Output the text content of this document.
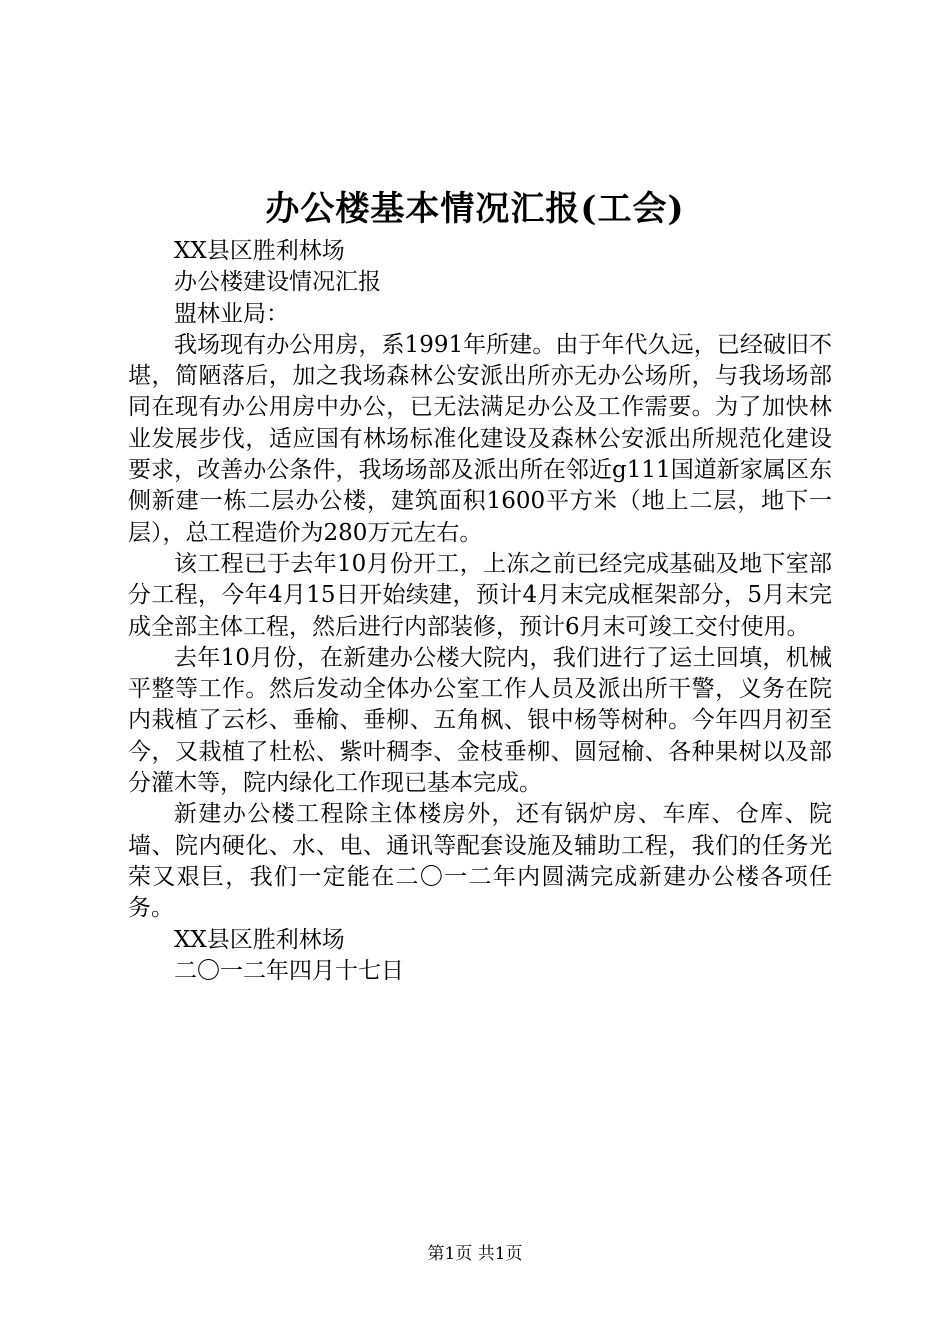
办公楼基本情况汇报(工会)

XX县区胜利林场

办公楼建设情况汇报

盟林业局：

我场现有办公用房，系1991年所建。由于年代久远，已经破旧不堪，简陋落后，加之我场森林公安派出所亦无办公场所，与我场场部同在现有办公用房中办公，已无法满足办公及工作需要。为了加快林业发展步伐，适应国有林场标准化建设及森林公安派出所规范化建设要求，改善办公条件，我场场部及派出所在邻近g111国道新家属区东侧新建一栋二层办公楼，建筑面积1600平方米（地上二层，地下一层），总工程造价为280万元左右。

该工程已于去年10月份开工，上冻之前已经完成基础及地下室部分工程，今年4月15日开始续建，预计4月末完成框架部分，5月末完成全部主体工程，然后进行内部装修，预计6月末可竣工交付使用。

去年10月份，在新建办公楼大院内，我们进行了运土回填，机械平整等工作。然后发动全体办公室工作人员及派出所干警，义务在院内栽植了云杉、垂榆、垂柳、五角枫、银中杨等树种。今年四月初至今，又栽植了杜松、紫叶稠李、金枝垂柳、圆冠榆、各种果树以及部分灌木等，院内绿化工作现已基本完成。

新建办公楼工程除主体楼房外，还有锅炉房、车库、仓库、院墙、院内硬化、水、电、通讯等配套设施及辅助工程，我们的任务光荣又艰巨，我们一定能在二〇一二年内圆满完成新建办公楼各项任务。

XX县区胜利林场

二〇一二年四月十七日

第1页 共1页
